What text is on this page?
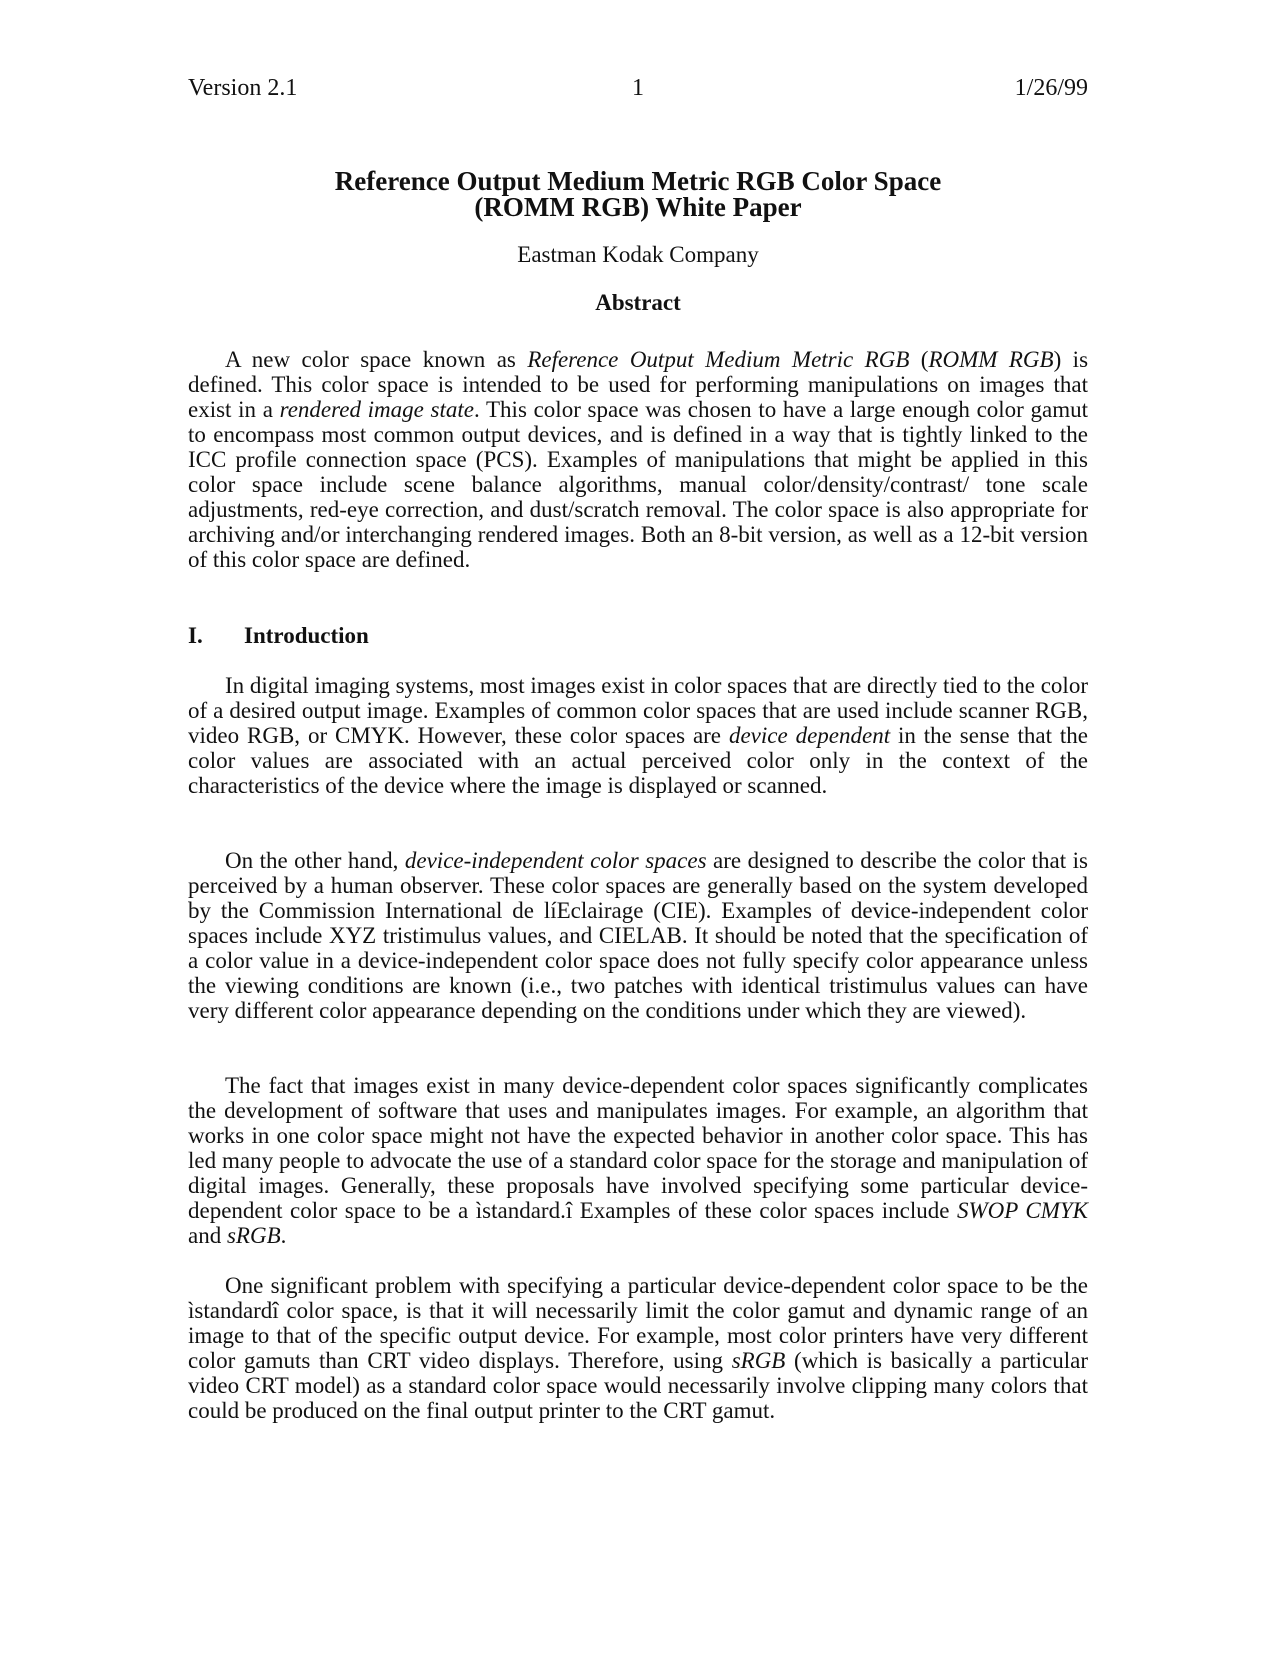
Version 2.1	1	1/26/99
Reference Output Medium Metric RGB Color Space
(ROMM RGB) White Paper
Eastman Kodak Company
Abstract

A new color space known as Reference Output Medium Metric RGB (ROMM RGB) is defined. This color space is intended to be used for performing manipulations on images that exist in a rendered image state. This color space was chosen to have a large enough color gamut to encompass most common output devices, and is defined in a way that is tightly linked to the ICC profile connection space (PCS). Examples of manipulations that might be applied in this color space include scene balance algorithms, manual color/density/contrast/ tone scale adjustments, red-eye correction, and dust/scratch removal. The color space is also appropriate for archiving and/or interchanging rendered images. Both an 8-bit version, as well as a 12-bit version of this color space are defined.

I. Introduction

In digital imaging systems, most images exist in color spaces that are directly tied to the color of a desired output image. Examples of common color spaces that are used include scanner RGB, video RGB, or CMYK. However, these color spaces are device dependent in the sense that the color values are associated with an actual perceived color only in the context of the characteristics of the device where the image is displayed or scanned.

On the other hand, device-independent color spaces are designed to describe the color that is perceived by a human observer. These color spaces are generally based on the system developed by the Commission International de líEclairage (CIE). Examples of device-independent color spaces include XYZ tristimulus values, and CIELAB. It should be noted that the specification of a color value in a device-independent color space does not fully specify color appearance unless the viewing conditions are known (i.e., two patches with identical tristimulus values can have very different color appearance depending on the conditions under which they are viewed).

The fact that images exist in many device-dependent color spaces significantly complicates the development of software that uses and manipulates images. For example, an algorithm that works in one color space might not have the expected behavior in another color space. This has led many people to advocate the use of a standard color space for the storage and manipulation of digital images. Generally, these proposals have involved specifying some particular device-dependent color space to be a ìstandard.î Examples of these color spaces include SWOP CMYK and sRGB.

One significant problem with specifying a particular device-dependent color space to be the ìstandardî color space, is that it will necessarily limit the color gamut and dynamic range of an image to that of the specific output device. For example, most color printers have very different color gamuts than CRT video displays. Therefore, using sRGB (which is basically a particular video CRT model) as a standard color space would necessarily involve clipping many colors that could be produced on the final output printer to the CRT gamut.
